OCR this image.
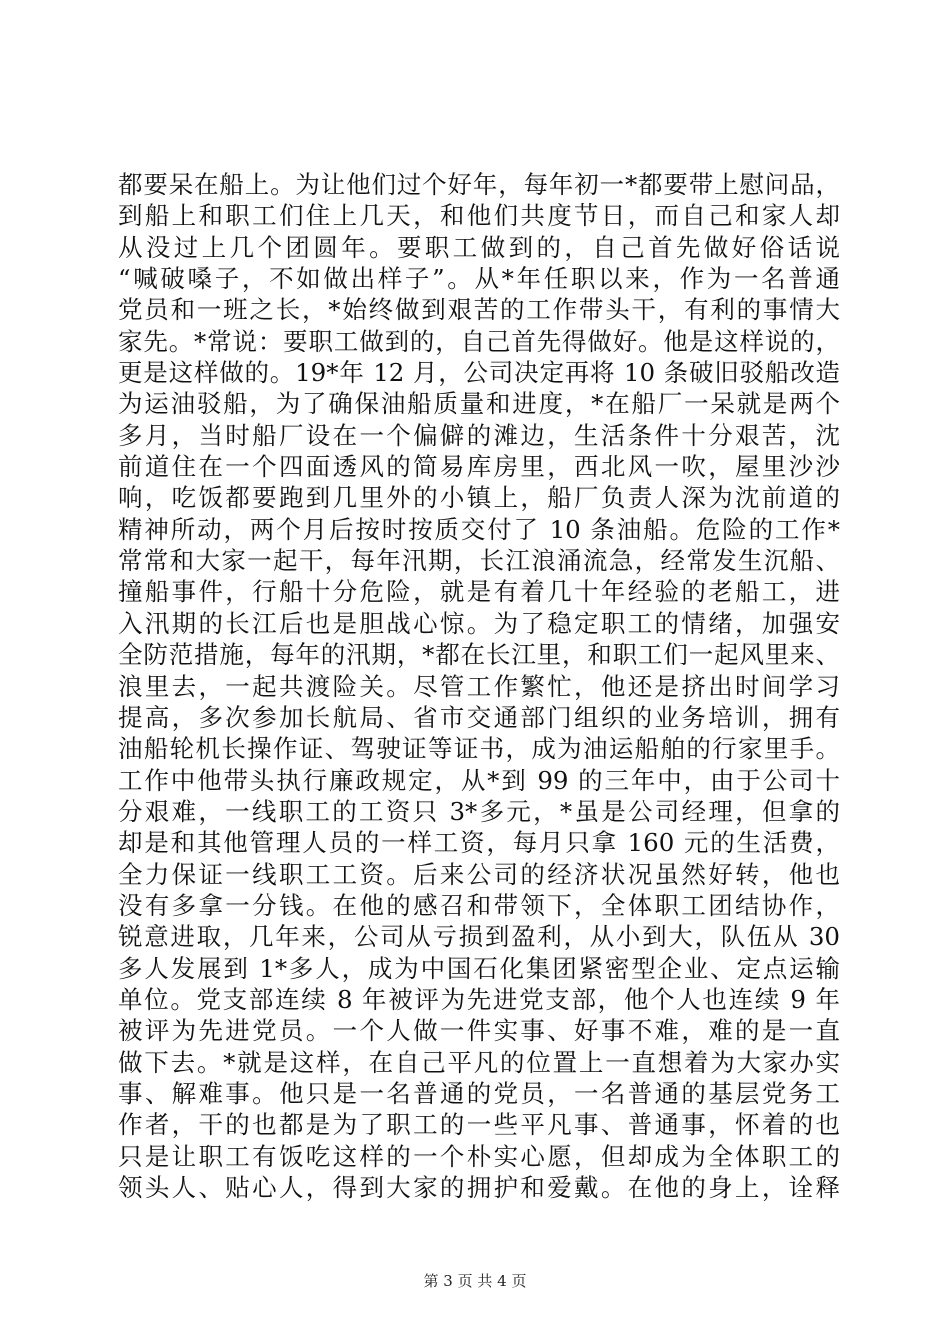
都要呆在船上。为让他们过个好年，每年初一*都要带上慰问品，
到船上和职工们住上几天，和他们共度节日，而自己和家人却
从没过上几个团圆年。要职工做到的，自己首先做好俗话说
“喊破嗓子，不如做出样子”。从*年任职以来，作为一名普通
党员和一班之长，*始终做到艰苦的工作带头干，有利的事情大
家先。*常说：要职工做到的，自己首先得做好。他是这样说的，
更是这样做的。19*年 12 月，公司决定再将 10 条破旧驳船改造
为运油驳船，为了确保油船质量和进度，*在船厂一呆就是两个
多月，当时船厂设在一个偏僻的滩边，生活条件十分艰苦，沈
前道住在一个四面透风的简易库房里，西北风一吹，屋里沙沙
响，吃饭都要跑到几里外的小镇上，船厂负责人深为沈前道的
精神所动，两个月后按时按质交付了 10 条油船。危险的工作*
常常和大家一起干，每年汛期，长江浪涌流急，经常发生沉船、
撞船事件，行船十分危险，就是有着几十年经验的老船工，进
入汛期的长江后也是胆战心惊。为了稳定职工的情绪，加强安
全防范措施，每年的汛期，*都在长江里，和职工们一起风里来、
浪里去，一起共渡险关。尽管工作繁忙，他还是挤出时间学习
提高，多次参加长航局、省市交通部门组织的业务培训，拥有
油船轮机长操作证、驾驶证等证书，成为油运船舶的行家里手。
工作中他带头执行廉政规定，从*到 99 的三年中，由于公司十
分艰难，一线职工的工资只 3*多元，*虽是公司经理，但拿的
却是和其他管理人员的一样工资，每月只拿 160 元的生活费，
全力保证一线职工工资。后来公司的经济状况虽然好转，他也
没有多拿一分钱。在他的感召和带领下，全体职工团结协作，
锐意进取，几年来，公司从亏损到盈利，从小到大，队伍从 30
多人发展到 1*多人，成为中国石化集团紧密型企业、定点运输
单位。党支部连续 8 年被评为先进党支部，他个人也连续 9 年
被评为先进党员。一个人做一件实事、好事不难，难的是一直
做下去。*就是这样，在自己平凡的位置上一直想着为大家办实
事、解难事。他只是一名普通的党员，一名普通的基层党务工
作者，干的也都是为了职工的一些平凡事、普通事，怀着的也
只是让职工有饭吃这样的一个朴实心愿，但却成为全体职工的
领头人、贴心人，得到大家的拥护和爱戴。在他的身上，诠释
第 3 页 共 4 页
